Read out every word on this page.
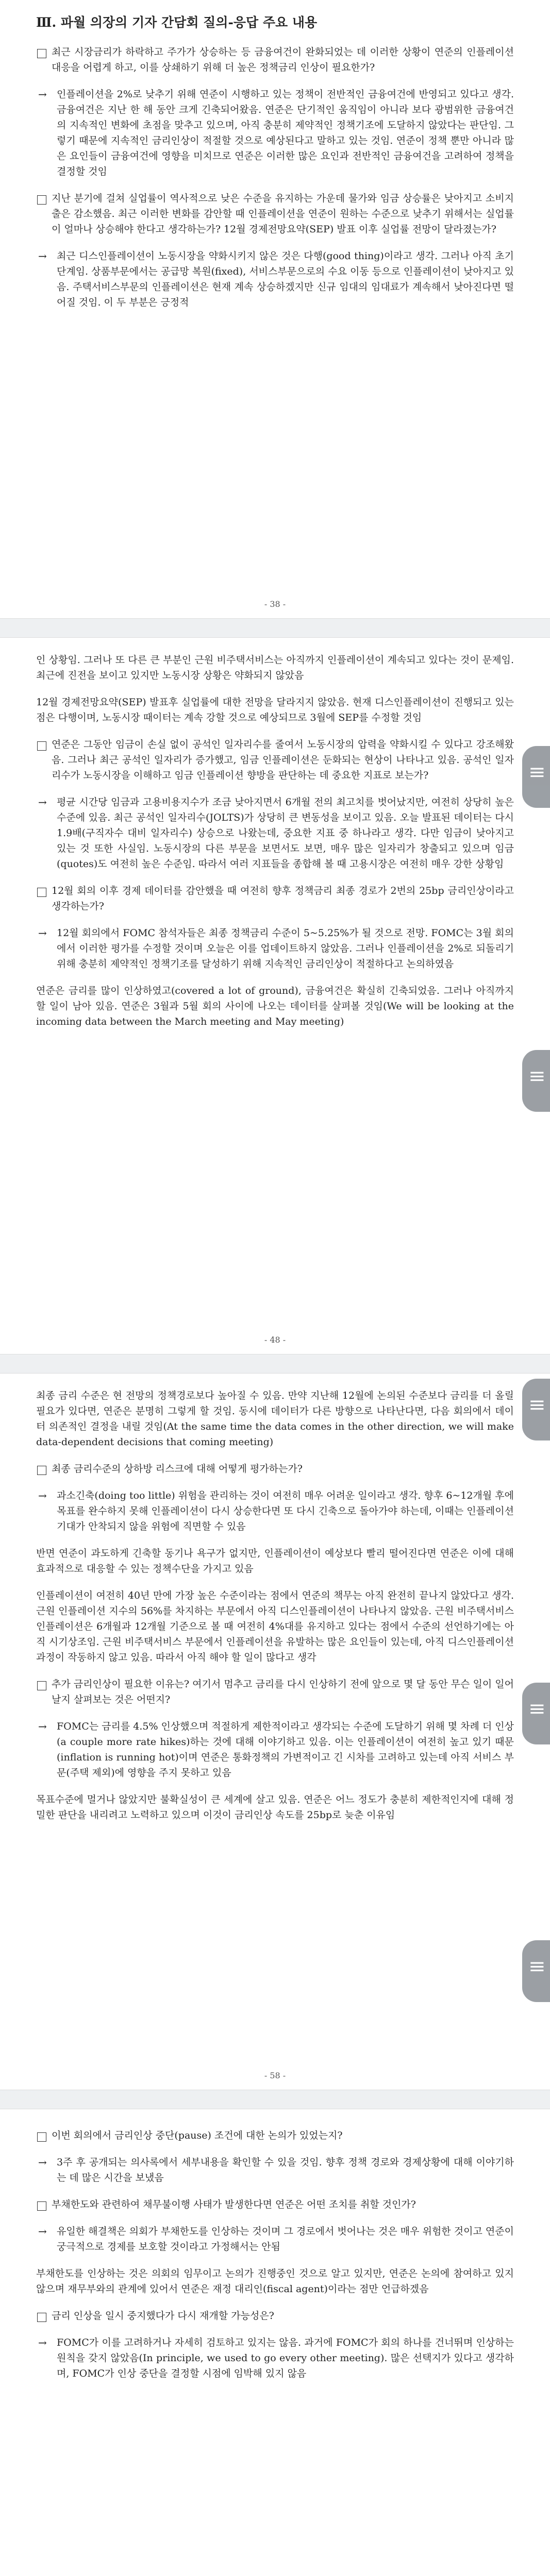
Ⅲ. 파월 의장의 기자 간담회 질의-응답 주요 내용

최근 시장금리가 하락하고 주가가 상승하는 등 금융여건이 완화되었는 데 이러한 상황이 연준의 인플레이션 대응을 어렵게 하고, 이를 상쇄하기 위해 더 높은 정책금리 인상이 필요한가?

→ 인플레이션을 2%로 낮추기 위해 연준이 시행하고 있는 정책이 전반적인 금융여건에 반영되고 있다고 생각. 금융여건은 지난 한 해 동안 크게 긴축되어왔음. 연준은 단기적인 움직임이 아니라 보다 광범위한 금융여건의 지속적인 변화에 초점을 맞추고 있으며, 아직 충분히 제약적인 정책기조에 도달하지 않았다는 판단임. 그렇기 때문에 지속적인 금리인상이 적절할 것으로 예상된다고 말하고 있는 것임. 연준이 정책 뿐만 아니라 많은 요인들이 금융여건에 영향을 미치므로 연준은 이러한 많은 요인과 전반적인 금융여건을 고려하여 정책을 결정할 것임

지난 분기에 걸쳐 실업률이 역사적으로 낮은 수준을 유지하는 가운데 물가와 임금 상승률은 낮아지고 소비지출은 감소했음. 최근 이러한 변화를 감안할 때 인플레이션을 연준이 원하는 수준으로 낮추기 위해서는 실업률이 얼마나 상승해야 한다고 생각하는가? 12월 경제전망요약(SEP) 발표 이후 실업률 전망이 달라졌는가?

→ 최근 디스인플레이션이 노동시장을 약화시키지 않은 것은 다행(good thing)이라고 생각. 그러나 아직 초기단계임. 상품부문에서는 공급망 복원(fixed), 서비스부문으로의 수요 이동 등으로 인플레이션이 낮아지고 있음. 주택서비스부문의 인플레이션은 현재 계속 상승하겠지만 신규 임대의 임대료가 계속해서 낮아진다면 떨어질 것임. 이 두 부분은 긍정적

- 38 -

인 상황임. 그러나 또 다른 큰 부분인 근원 비주택서비스는 아직까지 인플레이션이 계속되고 있다는 것이 문제임. 최근에 진전을 보이고 있지만 노동시장 상황은 약화되지 않았음

12월 경제전망요약(SEP) 발표후 실업률에 대한 전망을 달라지지 않았음. 현재 디스인플레이션이 진행되고 있는 점은 다행이며, 노동시장 때이터는 계속 강할 것으로 예상되므로 3월에 SEP를 수정할 것임

연준은 그동안 임금이 손실 없이 공석인 일자리수를 줄여서 노동시장의 압력을 약화시킬 수 있다고 강조해왔음. 그러나 최근 공석인 일자리가 증가했고, 임금 인플레이션은 둔화되는 현상이 나타나고 있음. 공석인 일자리수가 노동시장을 이해하고 임금 인플레이션 향방을 판단하는 데 중요한 지표로 보는가?

→ 평균 시간당 임금과 고용비용지수가 조금 낮아지면서 6개월 전의 최고치를 벗어났지만, 여전히 상당히 높은 수준에 있음. 최근 공석인 일자리수(JOLTS)가 상당히 큰 변동성을 보이고 있음. 오늘 발표된 데이터는 다시 1.9배(구직자수 대비 일자리수) 상승으로 나왔는데, 중요한 지표 중 하나라고 생각. 다만 임금이 낮아지고 있는 것 또한 사실임. 노동시장의 다른 부문을 보면서도 보면, 매우 많은 일자리가 창출되고 있으며 임금(quotes)도 여전히 높은 수준임. 따라서 여러 지표들을 종합해 볼 때 고용시장은 여전히 매우 강한 상황임

12월 회의 이후 경제 데이터를 감안했을 때 여전히 향후 정책금리 최종 경로가 2번의 25bp 금리인상이라고 생각하는가?

→ 12월 회의에서 FOMC 참석자들은 최종 정책금리 수준이 5~5.25%가 될 것으로 전망. FOMC는 3월 회의에서 이러한 평가를 수정할 것이며 오늘은 이를 업데이트하지 않았음. 그러나 인플레이션을 2%로 되돌리기 위해 충분히 제약적인 정책기조를 달성하기 위해 지속적인 금리인상이 적절하다고 논의하였음

연준은 금리를 많이 인상하였고(covered a lot of ground), 금융여건은 확실히 긴축되었음. 그러나 아직까지 할 일이 남아 있음. 연준은 3월과 5월 회의 사이에 나오는 데이터를 살펴볼 것임(We will be looking at the incoming data between the March meeting and May meeting)

≡
≡
- 48 -

최종 금리 수준은 현 전망의 정책경로보다 높아질 수 있음. 만약 지난해 12월에 논의된 수준보다 금리를 더 올릴 필요가 있다면, 연준은 분명히 그렇게 할 것임. 동시에 데이터가 다른 방향으로 나타난다면, 다음 회의에서 데이터 의존적인 결정을 내릴 것임(At the same time the data comes in the other direction, we will make data-dependent decisions that coming meeting)

최종 금리수준의 상하방 리스크에 대해 어떻게 평가하는가?

→ 과소긴축(doing too little) 위험을 관리하는 것이 여전히 매우 어려운 일이라고 생각. 향후 6~12개월 후에 목표를 완수하지 못해 인플레이션이 다시 상승한다면 또 다시 긴축으로 돌아가야 하는데, 이때는 인플레이션 기대가 안착되지 않을 위험에 직면할 수 있음

반면 연준이 과도하게 긴축할 동기나 욕구가 없지만, 인플레이션이 예상보다 빨리 떨어진다면 연준은 이에 대해 효과적으로 대응할 수 있는 정책수단을 가지고 있음

인플레이션이 여전히 40년 만에 가장 높은 수준이라는 점에서 연준의 책무는 아직 완전히 끝나지 않았다고 생각. 근원 인플레이션 지수의 56%를 차지하는 부문에서 아직 디스인플레이션이 나타나지 않았음. 근원 비주택서비스 인플레이션은 6개월과 12개월 기준으로 볼 때 여전히 4%대를 유지하고 있다는 점에서 수준의 선언하기에는 아직 시기상조임. 근원 비주택서비스 부문에서 인플레이션을 유발하는 많은 요인들이 있는데, 아직 디스인플레이션 과정이 작동하지 않고 있음. 따라서 아직 해야 할 일이 많다고 생각

추가 금리인상이 필요한 이유는? 여기서 멈추고 금리를 다시 인상하기 전에 앞으로 몇 달 동안 무슨 일이 일어날지 살펴보는 것은 어떤지?

→ FOMC는 금리를 4.5% 인상했으며 적절하게 제한적이라고 생각되는 수준에 도달하기 위해 몇 차례 더 인상(a couple more rate hikes)하는 것에 대해 이야기하고 있음. 이는 인플레이션이 여전히 높고 있기 때문 (inflation is running hot)이며 연준은 통화정책의 가변적이고 긴 시차를 고려하고 있는데 아직 서비스 부문(주택 제외)에 영향을 주지 못하고 있음

목표수준에 멀거나 않았지만 불확실성이 큰 세계에 살고 있음. 연준은 어느 정도가 충분히 제한적인지에 대해 정밀한 판단을 내리려고 노력하고 있으며 이것이 금리인상 속도를 25bp로 늦춘 이유임

≡
≡
≡
- 58 -

이번 회의에서 금리인상 중단(pause) 조건에 대한 논의가 있었는지?

→ 3주 후 공개되는 의사록에서 세부내용을 확인할 수 있을 것임. 향후 정책 경로와 경제상황에 대해 이야기하는 데 많은 시간을 보냈음

부채한도와 관련하여 채무불이행 사태가 발생한다면 연준은 어떤 조치를 취할 것인가?

→ 유일한 해결책은 의회가 부채한도를 인상하는 것이며 그 경로에서 벗어나는 것은 매우 위험한 것이고 연준이 궁극적으로 경제를 보호할 것이라고 가정해서는 안됨

부채한도를 인상하는 것은 의회의 임무이고 논의가 진행중인 것으로 알고 있지만, 연준은 논의에 참여하고 있지 않으며 재무부와의 관계에 있어서 연준은 재정 대리인(fiscal agent)이라는 점만 언급하겠음

금리 인상을 일시 중지했다가 다시 재개할 가능성은?

→ FOMC가 이를 고려하거나 자세히 검토하고 있지는 않음. 과거에 FOMC가 회의 하나를 건너뛰며 인상하는 원칙을 갖지 않았음(In principle, we used to go every other meeting). 많은 선택지가 있다고 생각하며, FOMC가 인상 중단을 결정할 시점에 임박해 있지 않음
